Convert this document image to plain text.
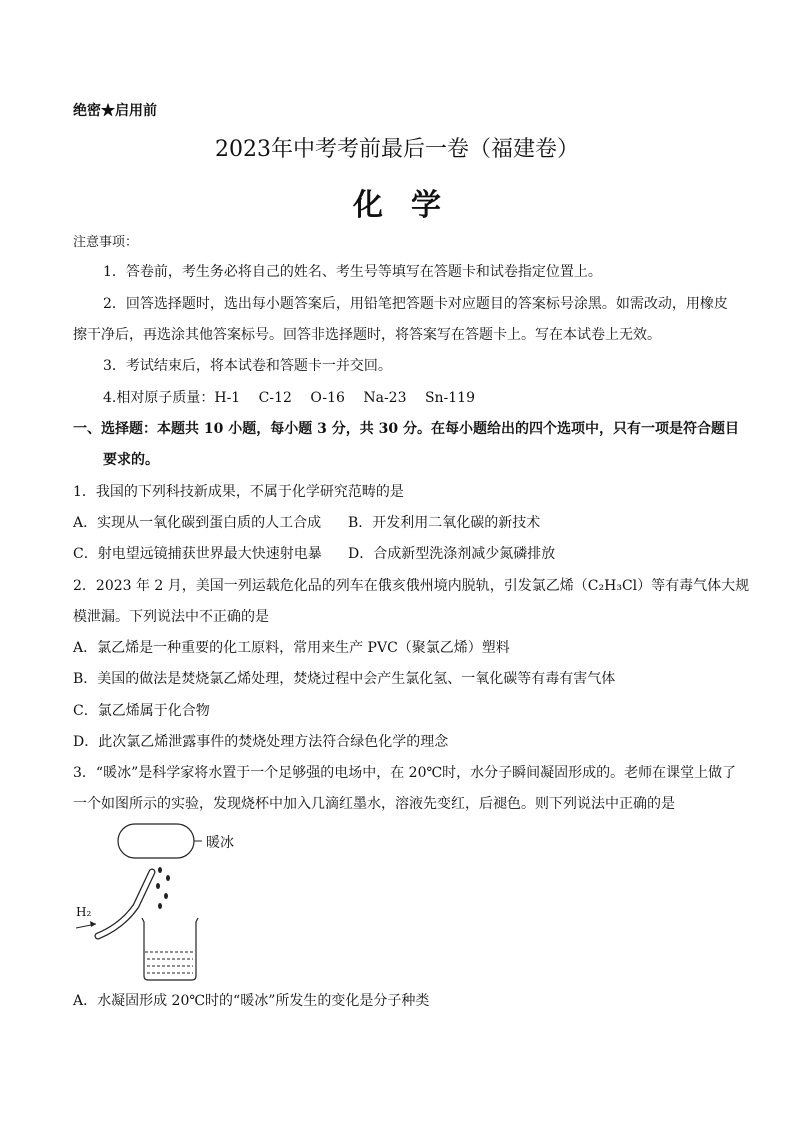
绝密★启用前
2023年中考考前最后一卷（福建卷）
化学
注意事项：
1．答卷前，考生务必将自己的姓名、考生号等填写在答题卡和试卷指定位置上。
2．回答选择题时，选出每小题答案后，用铅笔把答题卡对应题目的答案标号涂黑。如需改动，用橡皮
擦干净后，再选涂其他答案标号。回答非选择题时，将答案写在答题卡上。写在本试卷上无效。
3．考试结束后，将本试卷和答题卡一并交回。
4.相对原子质量：H-1　 C-12　 O-16　 Na-23　 Sn-119
一、选择题：本题共 10 小题，每小题 3 分，共 30 分。在每小题给出的四个选项中，只有一项是符合题目
要求的。
1．我国的下列科技新成果，不属于化学研究范畴的是
A．实现从一氧化碳到蛋白质的人工合成 B．开发利用二氧化碳的新技术
C．射电望远镜捕获世界最大快速射电暴 D．合成新型洗涤剂减少氮磷排放
2．2023 年 2 月，美国一列运载危化品的列车在俄亥俄州境内脱轨，引发氯乙烯（C₂H₃Cl）等有毒气体大规
模泄漏。下列说法中不正确的是
A．氯乙烯是一种重要的化工原料，常用来生产 PVC（聚氯乙烯）塑料
B．美国的做法是焚烧氯乙烯处理，焚烧过程中会产生氯化氢、一氧化碳等有毒有害气体
C．氯乙烯属于化合物
D．此次氯乙烯泄露事件的焚烧处理方法符合绿色化学的理念
3．“暖冰”是科学家将水置于一个足够强的电场中，在 20℃时，水分子瞬间凝固形成的。老师在课堂上做了
一个如图所示的实验，发现烧杯中加入几滴红墨水，溶液先变红，后褪色。则下列说法中正确的是
暖冰
H₂
A．水凝固形成 20℃时的“暖冰”所发生的变化是分子种类
